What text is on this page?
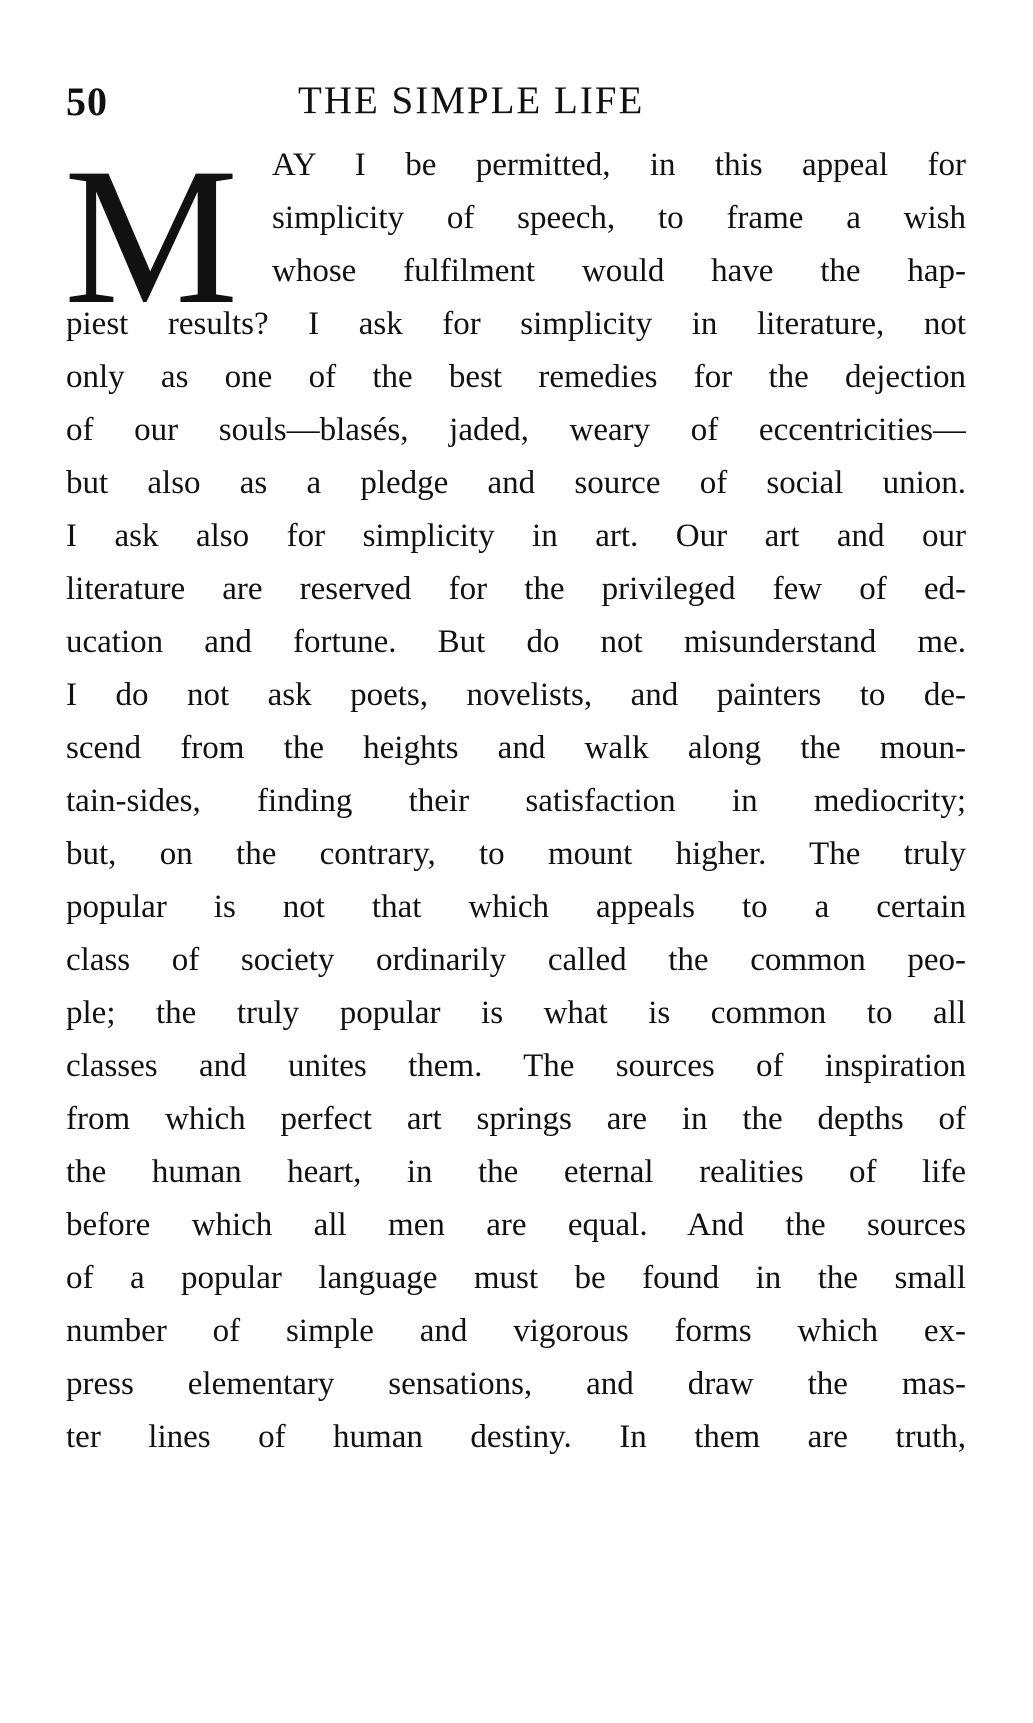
50	THE SIMPLE LIFE
M AY I be permitted, in this appeal for
simplicity of speech, to frame a wish
whose fulfilment would have the hap-
piest results? I ask for simplicity in literature, not
only as one of the best remedies for the dejection
of our souls—blasés, jaded, weary of eccentricities—
but also as a pledge and source of social union.
I ask also for simplicity in art. Our art and our
literature are reserved for the privileged few of ed-
ucation and fortune. But do not misunderstand me.
I do not ask poets, novelists, and painters to de-
scend from the heights and walk along the moun-
tain-sides, finding their satisfaction in mediocrity;
but, on the contrary, to mount higher. The truly
popular is not that which appeals to a certain
class of society ordinarily called the common peo-
ple; the truly popular is what is common to all
classes and unites them. The sources of inspiration
from which perfect art springs are in the depths of
the human heart, in the eternal realities of life
before which all men are equal. And the sources
of a popular language must be found in the small
number of simple and vigorous forms which ex-
press elementary sensations, and draw the mas-
ter lines of human destiny. In them are truth,
